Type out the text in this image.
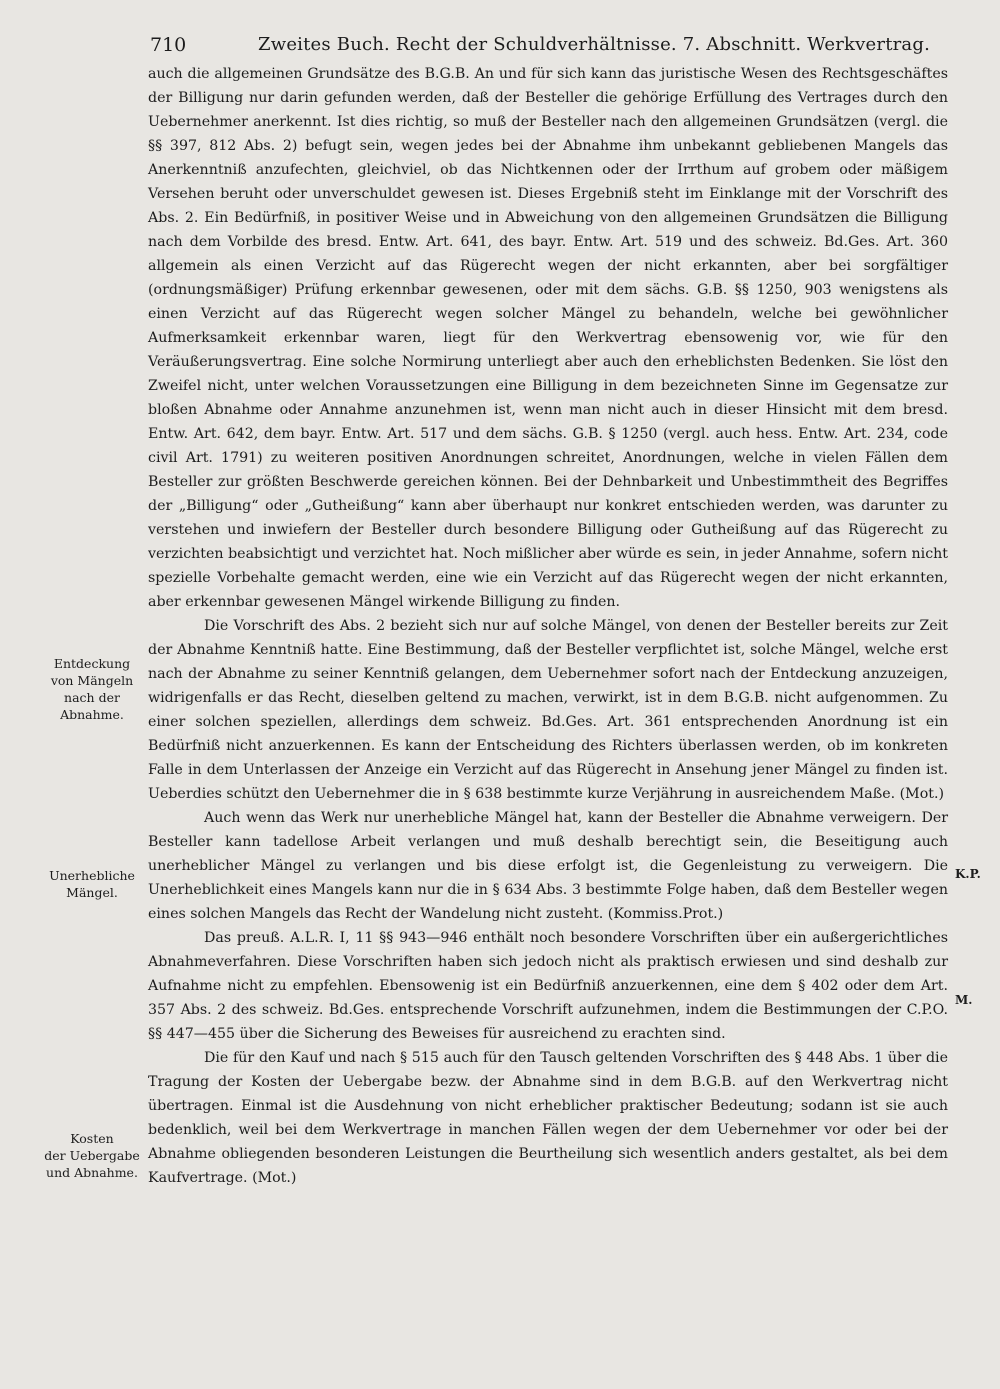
710	Zweites Buch. Recht der Schuldverhältnisse. 7. Abschnitt. Werkvertrag.

auch die allgemeinen Grundsätze des B.G.B. An und für sich kann das juristische Wesen des Rechtsgeschäftes der Billigung nur darin gefunden werden, daß der Besteller die gehörige Erfüllung des Vertrages durch den Uebernehmer anerkennt. Ist dies richtig, so muß der Besteller nach den allgemeinen Grundsätzen (vergl. die §§ 397, 812 Abs. 2) befugt sein, wegen jedes bei der Abnahme ihm unbekannt gebliebenen Mangels das Anerkenntniß anzufechten, gleichviel, ob das Nichtkennen oder der Irrthum auf grobem oder mäßigem Versehen beruht oder unverschuldet gewesen ist. Dieses Ergebniß steht im Einklange mit der Vorschrift des Abs. 2. Ein Bedürfniß, in positiver Weise und in Abweichung von den allgemeinen Grundsätzen die Billigung nach dem Vorbilde des bresd. Entw. Art. 641, des bayr. Entw. Art. 519 und des schweiz. Bd.Ges. Art. 360 allgemein als einen Verzicht auf das Rügerecht wegen der nicht erkannten, aber bei sorgfältiger (ordnungsmäßiger) Prüfung erkennbar gewesenen, oder mit dem sächs. G.B. §§ 1250, 903 wenigstens als einen Verzicht auf das Rügerecht wegen solcher Mängel zu behandeln, welche bei gewöhnlicher Aufmerksamkeit erkennbar waren, liegt für den Werkvertrag ebensowenig vor, wie für den Veräußerungsvertrag. Eine solche Normirung unterliegt aber auch den erheblichsten Bedenken. Sie löst den Zweifel nicht, unter welchen Voraussetzungen eine Billigung in dem bezeichneten Sinne im Gegensatze zur bloßen Abnahme oder Annahme anzunehmen ist, wenn man nicht auch in dieser Hinsicht mit dem bresd. Entw. Art. 642, dem bayr. Entw. Art. 517 und dem sächs. G.B. § 1250 (vergl. auch hess. Entw. Art. 234, code civil Art. 1791) zu weiteren positiven Anordnungen schreitet, Anordnungen, welche in vielen Fällen dem Besteller zur größten Beschwerde gereichen können. Bei der Dehnbarkeit und Unbestimmtheit des Begriffes der „Billigung“ oder „Gutheißung“ kann aber überhaupt nur konkret entschieden werden, was darunter zu verstehen und inwiefern der Besteller durch besondere Billigung oder Gutheißung auf das Rügerecht zu verzichten beabsichtigt und verzichtet hat. Noch mißlicher aber würde es sein, in jeder Annahme, sofern nicht spezielle Vorbehalte gemacht werden, eine wie ein Verzicht auf das Rügerecht wegen der nicht erkannten, aber erkennbar gewesenen Mängel wirkende Billigung zu finden.

Die Vorschrift des Abs. 2 bezieht sich nur auf solche Mängel, von denen der Besteller bereits zur Zeit der Abnahme Kenntniß hatte. Eine Bestimmung, daß der Besteller verpflichtet ist, solche Mängel, welche erst nach der Abnahme zu seiner Kenntniß gelangen, dem Uebernehmer sofort nach der Entdeckung anzuzeigen, widrigenfalls er das Recht, dieselben geltend zu machen, verwirkt, ist in dem B.G.B. nicht aufgenommen. Zu einer solchen speziellen, allerdings dem schweiz. Bd.Ges. Art. 361 entsprechenden Anordnung ist ein Bedürfniß nicht anzuerkennen. Es kann der Entscheidung des Richters überlassen werden, ob im konkreten Falle in dem Unterlassen der Anzeige ein Verzicht auf das Rügerecht in Ansehung jener Mängel zu finden ist. Ueberdies schützt den Uebernehmer die in § 638 bestimmte kurze Verjährung in ausreichendem Maße. (Mot.)

Auch wenn das Werk nur unerhebliche Mängel hat, kann der Besteller die Abnahme verweigern. Der Besteller kann tadellose Arbeit verlangen und muß deshalb berechtigt sein, die Beseitigung auch unerheblicher Mängel zu verlangen und bis diese erfolgt ist, die Gegenleistung zu verweigern. Die Unerheblichkeit eines Mangels kann nur die in § 634 Abs. 3 bestimmte Folge haben, daß dem Besteller wegen eines solchen Mangels das Recht der Wandelung nicht zusteht. (Kommiss.Prot.)

Das preuß. A.L.R. I, 11 §§ 943—946 enthält noch besondere Vorschriften über ein außergerichtliches Abnahmeverfahren. Diese Vorschriften haben sich jedoch nicht als praktisch erwiesen und sind deshalb zur Aufnahme nicht zu empfehlen. Ebensowenig ist ein Bedürfniß anzuerkennen, eine dem § 402 oder dem Art. 357 Abs. 2 des schweiz. Bd.Ges. entsprechende Vorschrift aufzunehmen, indem die Bestimmungen der C.P.O. §§ 447—455 über die Sicherung des Beweises für ausreichend zu erachten sind.

Die für den Kauf und nach § 515 auch für den Tausch geltenden Vorschriften des § 448 Abs. 1 über die Tragung der Kosten der Uebergabe bezw. der Abnahme sind in dem B.G.B. auf den Werkvertrag nicht übertragen. Einmal ist die Ausdehnung von nicht erheblicher praktischer Bedeutung; sodann ist sie auch bedenklich, weil bei dem Werkvertrage in manchen Fällen wegen der dem Uebernehmer vor oder bei der Abnahme obliegenden besonderen Leistungen die Beurtheilung sich wesentlich anders gestaltet, als bei dem Kaufvertrage. (Mot.)

Entdeckung
von Mängeln
nach der
Abnahme.
Unerhebliche
Mängel.
Kosten
der Uebergabe
und Abnahme.
K.P.
M.
